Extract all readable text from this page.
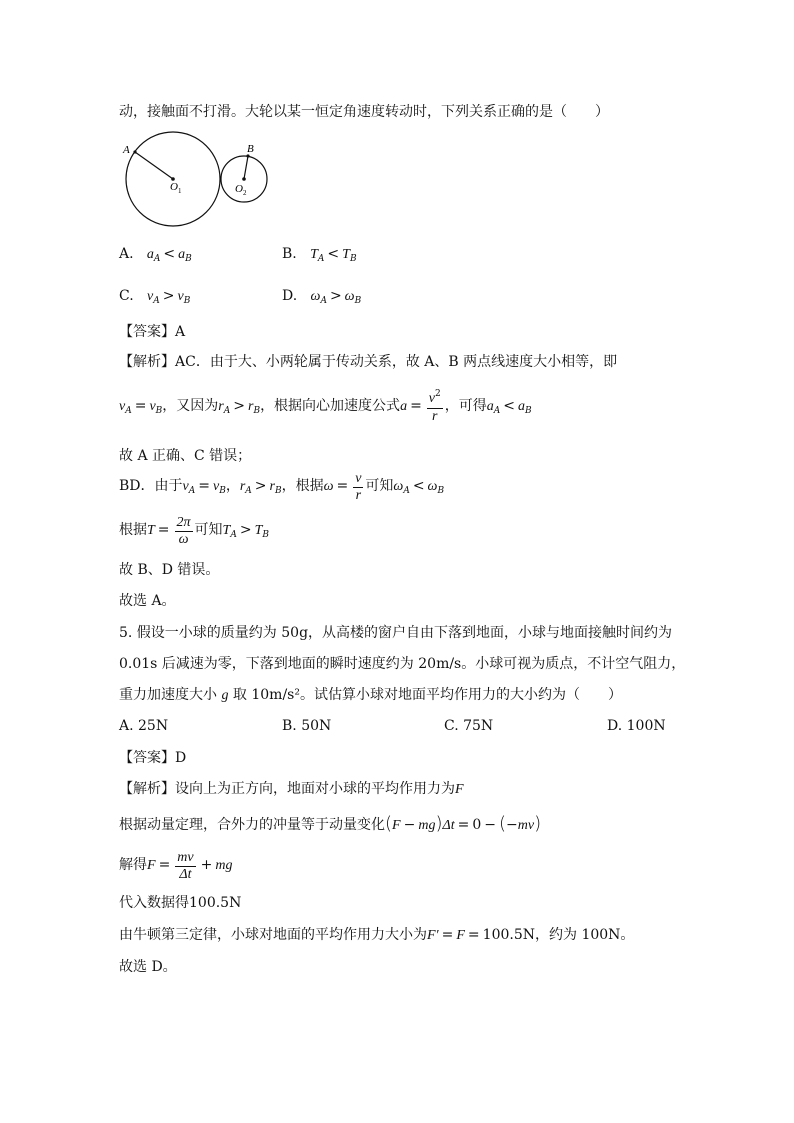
动，接触面不打滑。大轮以某一恒定角速度转动时，下列关系正确的是（　　）
A	B
$O_1$	$O_2$
A. $a_A < a_B$	B. $T_A < T_B$
C. $v_A > v_B$	D. $\omega_A > \omega_B$
【答案】A
【解析】AC．由于大、小两轮属于传动关系，故 A、B 两点线速度大小相等，即
$v_A = v_B$，又因为$r_A > r_B$，根据向心加速度公式$a = \frac{v^2}{r}$ ，可得$a_A < a_B$
故 A 正确、C 错误；
BD．由于$v_A = v_B$，$r_A > r_B$，根据$\omega = \frac{v}{r}$ 可知$\omega_A < \omega_B$
根据$T = \frac{2\pi}{\omega}$ 可知$T_A > T_B$
故 B、D 错误。
故选 A。
5. 假设一小球的质量约为 50g，从高楼的窗户自由下落到地面，小球与地面接触时间约为
0.01s 后减速为零，下落到地面的瞬时速度约为 20m/s。小球可视为质点，不计空气阻力，
重力加速度大小 g 取 10m/s²。试估算小球对地面平均作用力的大小约为（　　）
A. 25N	B. 50N	C. 75N	D. 100N
【答案】D
【解析】设向上为正方向，地面对小球的平均作用力为F
根据动量定理，合外力的冲量等于动量变化(F − mg)Δt = 0 − (−mv)
解得$F = \frac{mv}{\Delta t}$ + mg
代入数据得100.5N
由牛顿第三定律，小球对地面的平均作用力大小为F′ = F = 100.5N，约为 100N。
故选 D。
